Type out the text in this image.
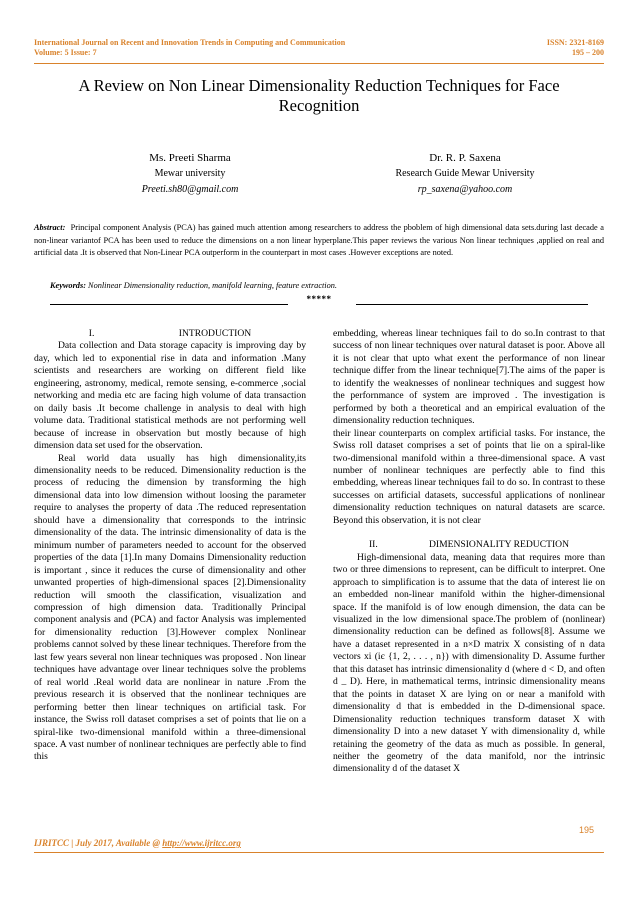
International Journal on Recent and Innovation Trends in Computing and Communication
Volume: 5 Issue: 7
ISSN: 2321-8169
195 – 200
A Review on Non Linear Dimensionality Reduction Techniques for Face
Recognition
Ms. Preeti Sharma
Mewar university
Preeti.sh80@gmail.com
Dr. R. P. Saxena
Research Guide Mewar University
rp_saxena@yahoo.com
Abstract: Principal component Analysis (PCA) has gained much attention among researchers to address the pboblem of high dimensional data sets.during last decade a non-linear variantof PCA has been used to reduce the dimensions on a non linear hyperplane.This paper reviews the various Non linear techniques ,applied on real and artificial data .It is observed that Non-Linear PCA outperform in the counterpart in most cases .However exceptions are noted.
Keywords: Nonlinear Dimensionality reduction, manifold learning, feature extraction.
*****
I.	INTRODUCTION

Data collection and Data storage capacity is improving day by day, which led to exponential rise in data and information .Many scientists and researchers are working on different field like engineering, astronomy, medical, remote sensing, e-commerce ,social networking and media etc are facing high volume of data transaction on daily basis .It become challenge in analysis to deal with high volume data. Traditional statistical methods are not performing well because of increase in observation but mostly because of high dimension data set used for the observation.

Real world data usually has high dimensionality,its dimensionality needs to be reduced. Dimensionality reduction is the process of reducing the dimension by transforming the high dimensional data into low dimension without loosing the parameter require to analyses the property of data .The reduced representation should have a dimensionality that corresponds to the intrinsic dimensionality of the data. The intrinsic dimensionality of data is the minimum number of parameters needed to account for the observed properties of the data [1].In many Domains Dimensionality reduction is important , since it reduces the curse of dimensionality and other unwanted properties of high-dimensional spaces [2].Dimensionality reduction will smooth the classification, visualization and compression of high dimension data. Traditionally Principal component analysis and (PCA) and factor Analysis was implemented for dimensionality reduction [3].However complex Nonlinear problems cannot solved by these linear techniques. Therefore from the last few years several non linear techniques was proposed . Non linear techniques have advantage over linear techniques solve the problems of real world .Real world data are nonlinear in nature .From the previous research it is observed that the nonlinear techniques are performing better then linear techniques on artificial task. For instance, the Swiss roll dataset comprises a set of points that lie on a spiral-like two-dimensional manifold within a three-dimensional space. A vast number of nonlinear techniques are perfectly able to find this

embedding, whereas linear techniques fail to do so.In contrast to that success of non linear techniques over natural dataset is poor. Above all it is not clear that upto what exent the performance of non linear technique differ from the linear technique[7].The aims of the paper is to identify the weaknesses of nonlinear techniques and suggest how the perfornmance of system are improved . The investigation is performed by both a theoretical and an empirical evaluation of the dimensionality reduction techniques.

their linear counterparts on complex artificial tasks. For instance, the Swiss roll dataset comprises a set of points that lie on a spiral-like two-dimensional manifold within a three-dimensional space. A vast number of nonlinear techniques are perfectly able to find this embedding, whereas linear techniques fail to do so. In contrast to these successes on artificial datasets, successful applications of nonlinear dimensionality reduction techniques on natural datasets are scarce. Beyond this observation, it is not clear

II.	DIMENSIONALITY REDUCTION

High-dimensional data, meaning data that requires more than two or three dimensions to represent, can be difficult to interpret. One approach to simplification is to assume that the data of interest lie on an embedded non-linear manifold within the higher-dimensional space. If the manifold is of low enough dimension, the data can be visualized in the low dimensional space.The problem of (nonlinear) dimensionality reduction can be defined as follows[8]. Assume we have a dataset represented in a n×D matrix X consisting of n data vectors xi (iє {1, 2, . . . , n}) with dimensionality D. Assume further that this dataset has intrinsic dimensionality d (where d < D, and often d _ D). Here, in mathematical terms, intrinsic dimensionality means that the points in dataset X are lying on or near a manifold with dimensionality d that is embedded in the D-dimensional space. Dimensionality reduction techniques transform dataset X with dimensionality D into a new dataset Y with dimensionality d, while retaining the geometry of the data as much as possible. In general, neither the geometry of the data manifold, nor the intrinsic dimensionality d of the dataset X

195
IJRITCC | July 2017, Available @ http://www.ijritcc.org
